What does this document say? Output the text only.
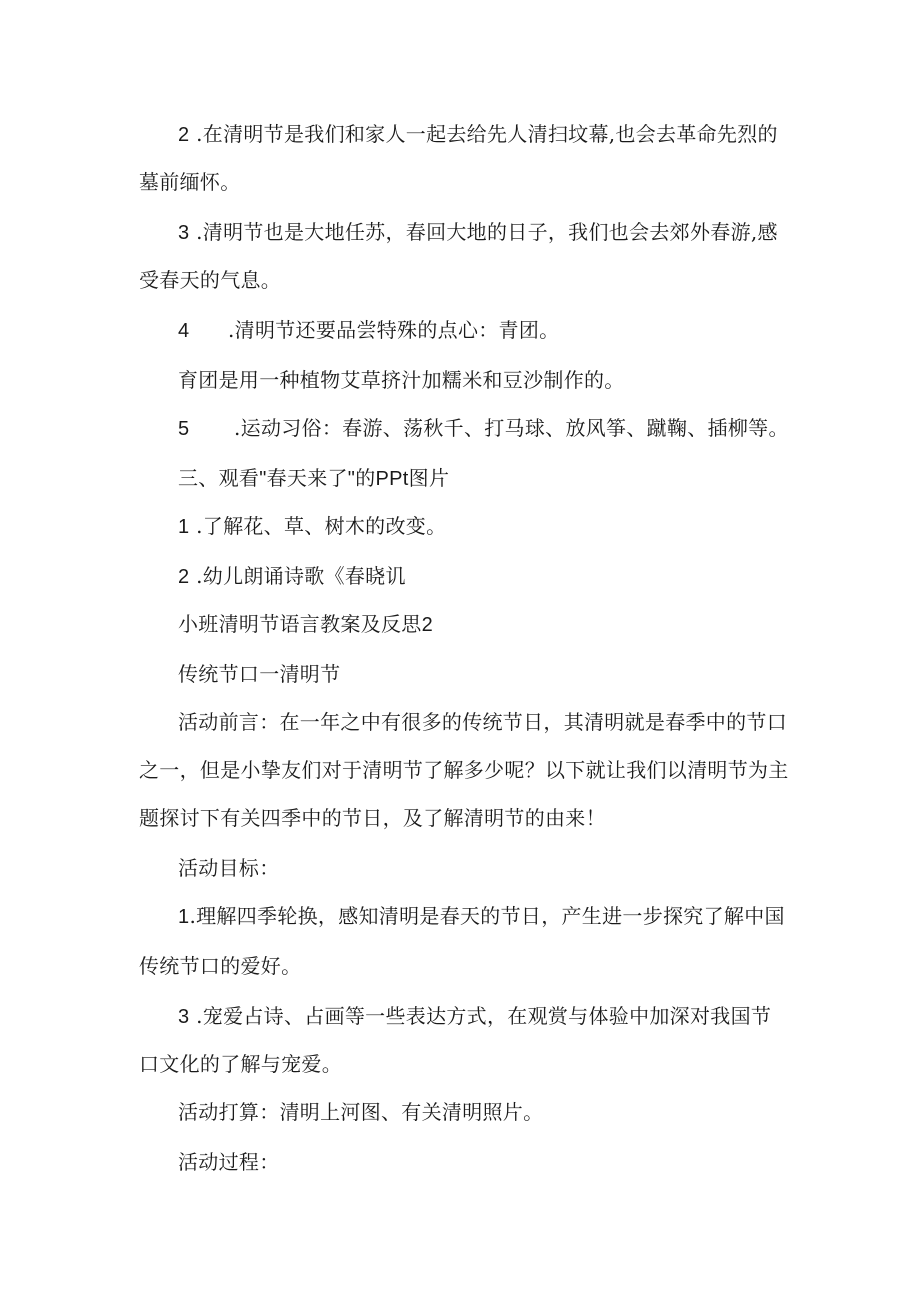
2 .在清明节是我们和家人一起去给先人清扫坟幕,也会去革命先烈的
墓前缅怀。
3 .清明节也是大地任苏，春回大地的日子，我们也会去郊外春游,感
受春天的气息。
4 .清明节还要品尝特殊的点心：青团。
育团是用一种植物艾草挤汁加糯米和豆沙制作的。
5 .运动习俗：春游、荡秋千、打马球、放风筝、蹴鞠、插柳等。
三、观看"春天来了"的PPt图片
1 .了解花、草、树木的改变。
2 .幼儿朗诵诗歌《春晓讥
小班清明节语言教案及反思2
传统节口一清明节
活动前言：在一年之中有很多的传统节日，其清明就是春季中的节口
之一，但是小挚友们对于清明节了解多少呢？以下就让我们以清明节为主
题探讨下有关四季中的节日，及了解清明节的由来！
活动目标：
1.理解四季轮换，感知清明是春天的节日，产生进一步探究了解中国
传统节口的爱好。
3 .宠爱占诗、占画等一些表达方式，在观赏与体验中加深对我国节
口文化的了解与宠爱。
活动打算：清明上河图、有关清明照片。
活动过程：
